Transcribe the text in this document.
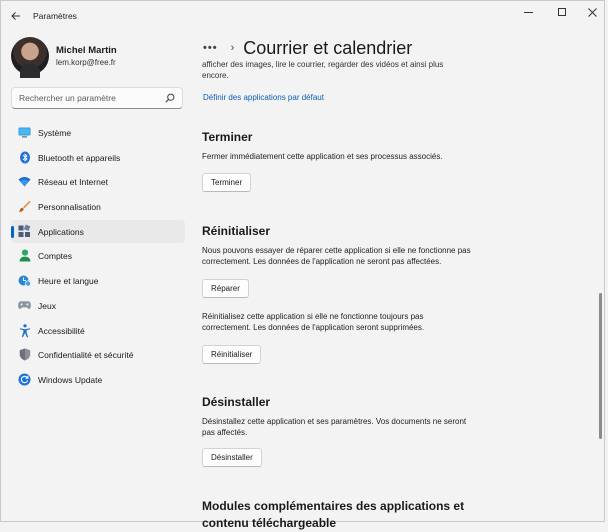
Paramètres
Michel Martin
lem.korp@free.fr
Rechercher un paramètre
Système
Bluetooth et appareils
Réseau et Internet
Personnalisation
Applications
Comptes
Heure et langue
Jeux
Accessibilité
Confidentialité et sécurité
Windows Update
••• › Courrier et calendrier
afficher des images, lire le courrier, regarder des vidéos et ainsi plus encore.
Définir des applications par défaut
Terminer
Fermer immédiatement cette application et ses processus associés.
Terminer
Réinitialiser
Nous pouvons essayer de réparer cette application si elle ne fonctionne pas correctement. Les données de l'application ne seront pas affectées.
Réparer
Réinitialisez cette application si elle ne fonctionne toujours pas correctement. Les données de l'application seront supprimées.
Réinitialiser
Désinstaller
Désinstallez cette application et ses paramètres. Vos documents ne seront pas affectés.
Désinstaller
Modules complémentaires des applications et contenu téléchargeable
